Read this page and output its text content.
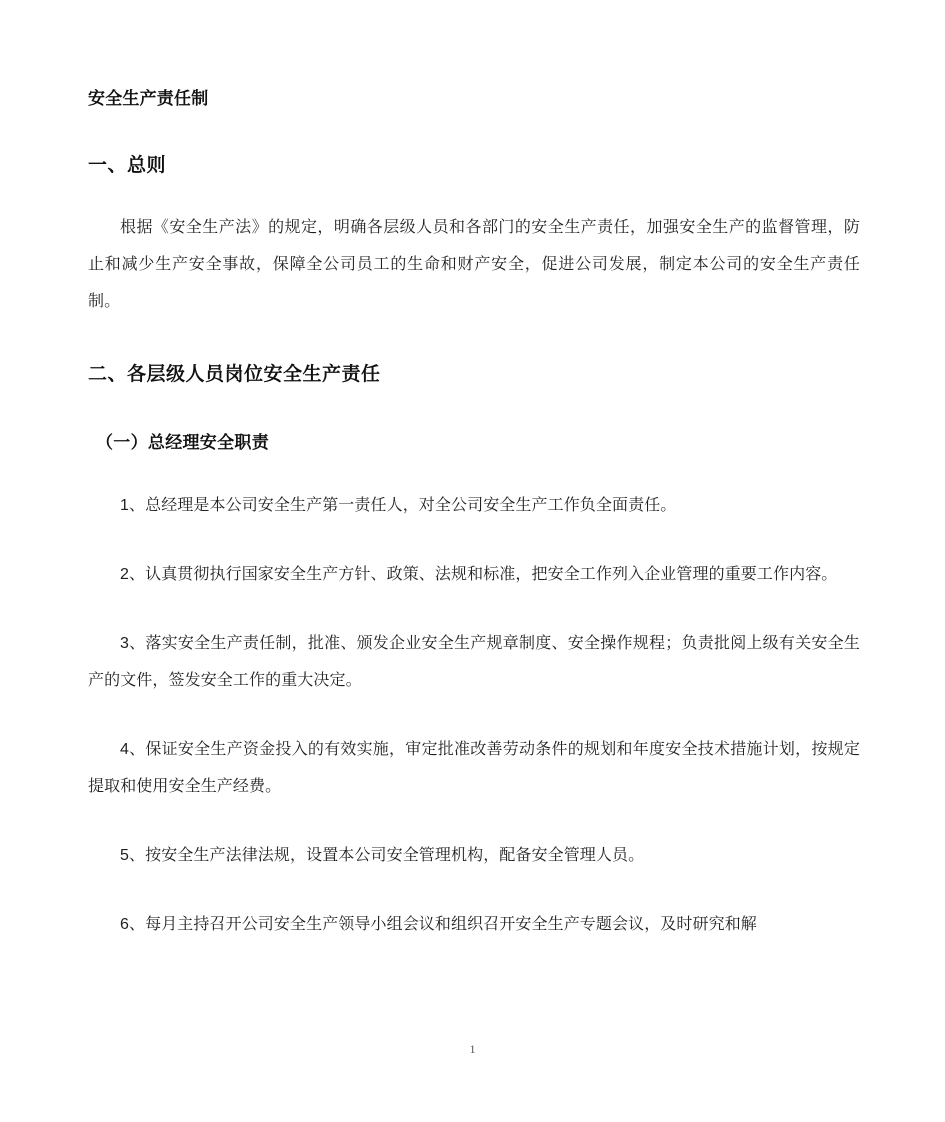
安全生产责任制
一、总则

根据《安全生产法》的规定，明确各层级人员和各部门的安全生产责任，加强安全生产的监督管理，防止和减少生产安全事故，保障全公司员工的生命和财产安全，促进公司发展，制定本公司的安全生产责任制。

二、各层级人员岗位安全生产责任
（一）总经理安全职责

1、总经理是本公司安全生产第一责任人，对全公司安全生产工作负全面责任。

2、认真贯彻执行国家安全生产方针、政策、法规和标准，把安全工作列入企业管理的重要工作内容。

3、落实安全生产责任制，批准、颁发企业安全生产规章制度、安全操作规程；负责批阅上级有关安全生产的文件，签发安全工作的重大决定。

4、保证安全生产资金投入的有效实施，审定批准改善劳动条件的规划和年度安全技术措施计划，按规定提取和使用安全生产经费。

5、按安全生产法律法规，设置本公司安全管理机构，配备安全管理人员。

6、每月主持召开公司安全生产领导小组会议和组织召开安全生产专题会议，及时研究和解

1
